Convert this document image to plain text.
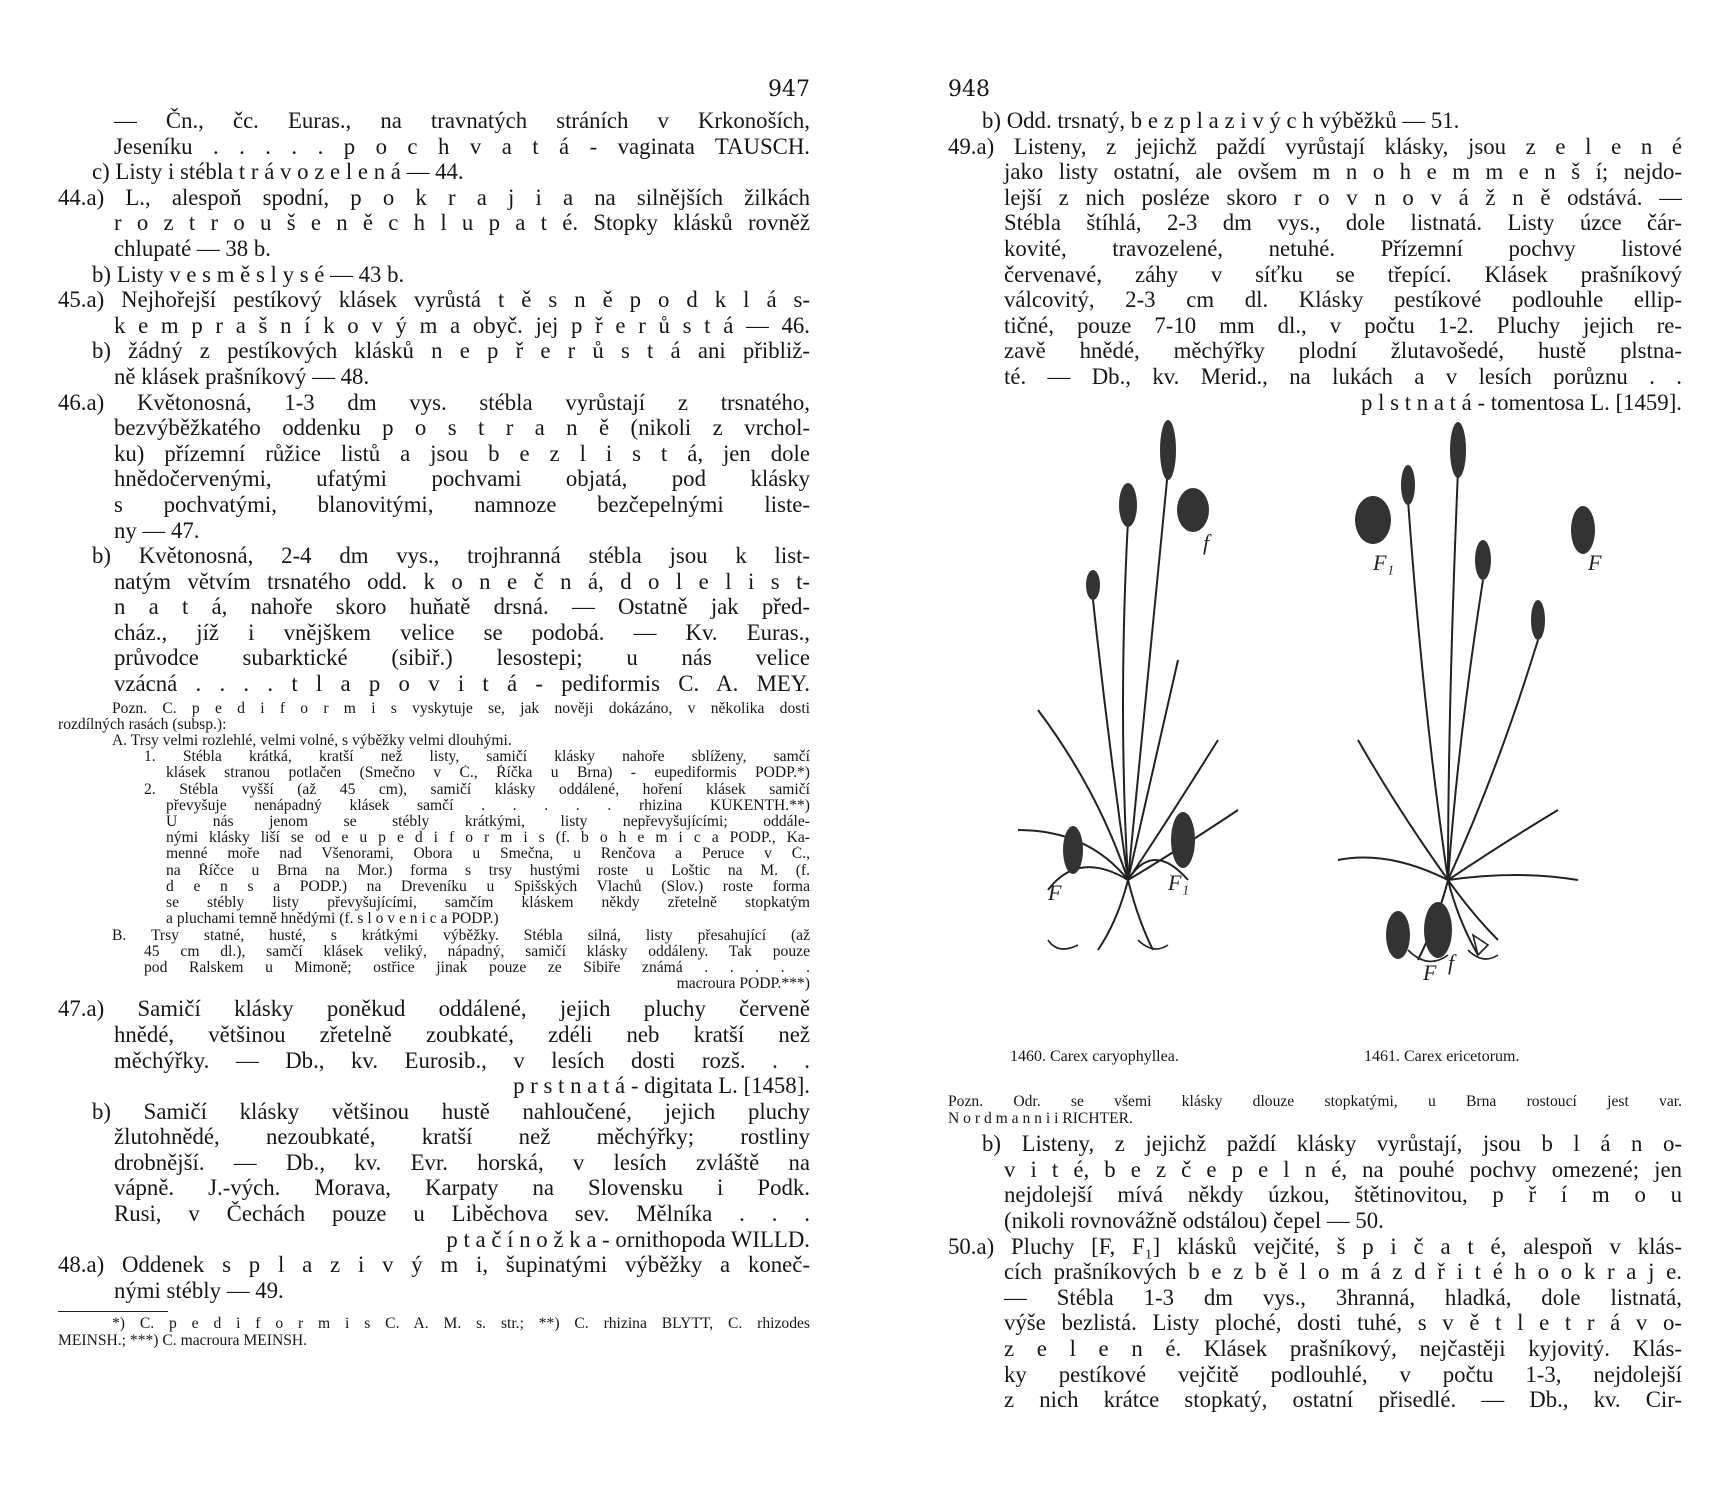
947
— Čn., čc. Euras., na travnatých stráních v Krkonoších,
Jeseníku . . . . . p o c h v a t á - vaginata TAUSCH.
c) Listy i stébla t r á v o z e l e n á — 44.
44.a) L., alespoň spodní, p o k r a j i a na silnějších žilkách
r o z t r o u š e n ě c h l u p a t é. Stopky klásků rovněž
chlupaté — 38 b.
b) Listy v e s m ě s l y s é — 43 b.
45.a) Nejhořejší pestíkový klásek vyrůstá t ě s n ě p o d k l á s-
k e m p r a š n í k o v ý m a obyč. jej p ř e r ů s t á — 46.
b) žádný z pestíkových klásků n e p ř e r ů s t á ani přibliž-
ně klásek prašníkový — 48.
46.a) Květonosná, 1-3 dm vys. stébla vyrůstají z trsnatého,
bezvýběžkatého oddenku p o s t r a n ě (nikoli z vrchol-
ku) přízemní růžice listů a jsou b e z l i s t á, jen dole
hnědočervenými, ufatými pochvami objatá, pod klásky
s pochvatými, blanovitými, namnoze bezčepelnými liste-
ny — 47.
b) Květonosná, 2-4 dm vys., trojhranná stébla jsou k list-
natým větvím trsnatého odd. k o n e č n á, d o l e l i s t-
n a t á, nahoře skoro huňatě drsná. — Ostatně jak před-
cház., jíž i vnějškem velice se podobá. — Kv. Euras.,
průvodce subarktické (sibiř.) lesostepi; u nás velice
vzácná . . . . t l a p o v i t á - pediformis C. A. MEY.
Pozn. C. p e d i f o r m i s vyskytuje se, jak nověji dokázáno, v několika dosti
rozdílných rasách (subsp.):
A. Trsy velmi rozlehlé, velmi volné, s výběžky velmi dlouhými.
1. Stébla krátká, kratší než listy, samičí klásky nahoře sblíženy, samčí
klásek stranou potlačen (Smečno v Č., Říčka u Brna) - eupediformis PODP.*)
2. Stébla vyšší (až 45 cm), samičí klásky oddálené, hoření klásek samičí
převyšuje nenápadný klásek samčí . . . . . rhizina KÜKENTH.**)
U nás jenom se stébly krátkými, listy nepřevyšujícími; oddále-
nými klásky liší se od e u p e d i f o r m i s (f. b o h e m i c a PODP., Ka-
menné moře nad Všenorami, Obora u Smečna, u Renčova a Peruce v Č.,
na Říčce u Brna na Mor.) forma s trsy hustými roste u Loštic na M. (f.
d e n s a PODP.) na Dreveníku u Spišských Vlachů (Slov.) roste forma
se stébly listy převyšujícími, samčím kláskem někdy zřetelně stopkatým
a pluchami temně hnědými (f. s l o v e n i c a PODP.)
B. Trsy statné, husté, s krátkými výběžky. Stébla silná, listy přesahující (až
45 cm dl.), samčí klásek veliký, nápadný, samičí klásky oddáleny. Tak pouze
pod Ralskem u Mimoně; ostřice jinak pouze ze Sibiře známá . . . . .
macroura PODP.***)
47.a) Samičí klásky poněkud oddálené, jejich pluchy červeně
hnědé, většinou zřetelně zoubkaté, zdéli neb kratší než
měchýřky. — Db., kv. Eurosib., v lesích dosti rozš. . .
p r s t n a t á - digitata L. [1458].
b) Samičí klásky většinou hustě nahloučené, jejich pluchy
žlutohnědé, nezoubkaté, kratší než měchýřky; rostliny
drobnější. — Db., kv. Evr. horská, v lesích zvláště na
vápně. J.-vých. Morava, Karpaty na Slovensku i Podk.
Rusi, v Čechách pouze u Liběchova sev. Mělníka . . .
p t a č í n o ž k a - ornithopoda WILLD.
48.a) Oddenek s p l a z i v ý m i, šupinatými výběžky a koneč-
nými stébly — 49.
*) C. p e d i f o r m i s C. A. M. s. str.; **) C. rhizina BLYTT, C. rhizodes
MEINSH.; ***) C. macroura MEINSH.
948
b) Odd. trsnatý, b e z p l a z i v ý c h výběžků — 51.
49.a) Listeny, z jejichž paždí vyrůstají klásky, jsou z e l e n é
jako listy ostatní, ale ovšem m n o h e m m e n š í; nejdo-
lejší z nich posléze skoro r o v n o v á ž n ě odstává. —
Stébla štíhlá, 2-3 dm vys., dole listnatá. Listy úzce čár-
kovité, travozelené, netuhé. Přízemní pochvy listové
červenavé, záhy v síťku se třepící. Klásek prašníkový
válcovitý, 2-3 cm dl. Klásky pestíkové podlouhle ellip-
tičné, pouze 7-10 mm dl., v počtu 1-2. Pluchy jejich re-
zavě hnědé, měchýřky plodní žlutavošedé, hustě plstna-
té. — Db., kv. Merid., na lukách a v lesích porůznu . .
p l s t n a t á - tomentosa L. [1459].
f
F₁	F
F	F₁
f
F
1460. Carex caryophyllea.	1461. Carex ericetorum.
Pozn. Odr. se všemi klásky dlouze stopkatými, u Brna rostoucí jest var.
N o r d m a n n i i RICHTER.
b) Listeny, z jejichž paždí klásky vyrůstají, jsou b l á n o-
v i t é, b e z č e p e l n é, na pouhé pochvy omezené; jen
nejdolejší mívá někdy úzkou, štětinovitou, p ř í m o u
(nikoli rovnovážně odstálou) čepel — 50.
50.a) Pluchy [F, F₁] klásků vejčité, š p i č a t é, alespoň v klás-
cích prašníkových b e z b ě l o m á z d ř i t é h o o k r a j e.
— Stébla 1-3 dm vys., 3hranná, hladká, dole listnatá,
výše bezlistá. Listy ploché, dosti tuhé, s v ě t l e t r á v o-
z e l e n é. Klásek prašníkový, nejčastěji kyjovitý. Klás-
ky pestíkové vejčitě podlouhlé, v počtu 1-3, nejdolejší
z nich krátce stopkatý, ostatní přisedlé. — Db., kv. Cir-
